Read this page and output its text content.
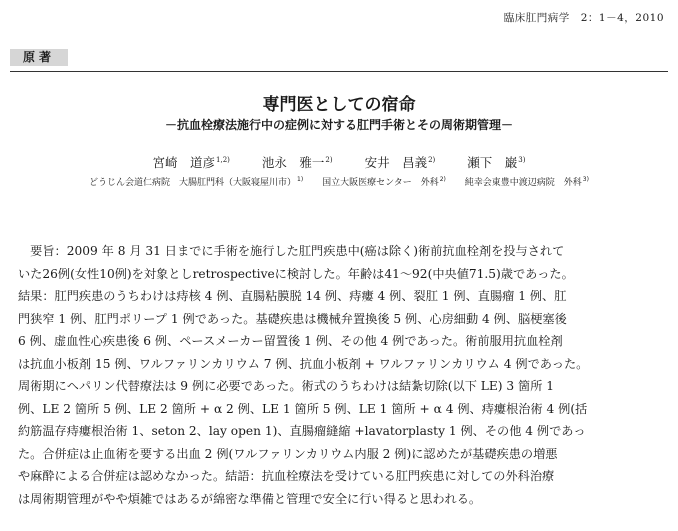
臨床肛門病学　2：1－4，2010
原著
専門医としての宿命
－抗血栓療法施行中の症例に対する肛門手術とその周術期管理－
宮崎　道彦$^{1,2)}$	池永　雅一$^{2)}$	安井　昌義$^{2)}$	瀬下　巌$^{3)}$
どうじん会道仁病院　大腸肛門科（大阪寝屋川市）$^{1)}$ 国立大阪医療センター　外科$^{2)}$ 純幸会東豊中渡辺病院　外科$^{3)}$
　要旨：2009 年 8 月 31 日までに手術を施行した肛門疾患中(癌は除く)術前抗血栓剤を投与されて
いた26例(女性10例)を対象としretrospectiveに検討した。年齢は41～92(中央値71.5)歳であった。
結果：肛門疾患のうちわけは痔核 4 例、直腸粘膜脱 14 例、痔瘻 4 例、裂肛 1 例、直腸瘤 1 例、肛
門狭窄 1 例、肛門ポリープ 1 例であった。基礎疾患は機械弁置換後 5 例、心房細動 4 例、脳梗塞後
6 例、虚血性心疾患後 6 例、ペースメーカー留置後 1 例、その他 4 例であった。術前服用抗血栓剤
は抗血小板剤 15 例、ワルファリンカリウム 7 例、抗血小板剤 + ワルファリンカリウム 4 例であった。
周術期にヘパリン代替療法は 9 例に必要であった。術式のうちわけは結紮切除(以下 LE) 3 箇所 1
例、LE 2 箇所 5 例、LE 2 箇所 + α 2 例、LE 1 箇所 5 例、LE 1 箇所 + α 4 例、痔瘻根治術 4 例(括
約筋温存痔瘻根治術 1、seton 2、lay open 1)、直腸瘤縫縮 +lavatorplasty 1 例、その他 4 例であっ
た。合併症は止血術を要する出血 2 例(ワルファリンカリウム内服 2 例)に認めたが基礎疾患の増悪
や麻酔による合併症は認めなかった。結語：抗血栓療法を受けている肛門疾患に対しての外科治療
は周術期管理がやや煩雑ではあるが綿密な準備と管理で安全に行い得ると思われる。
